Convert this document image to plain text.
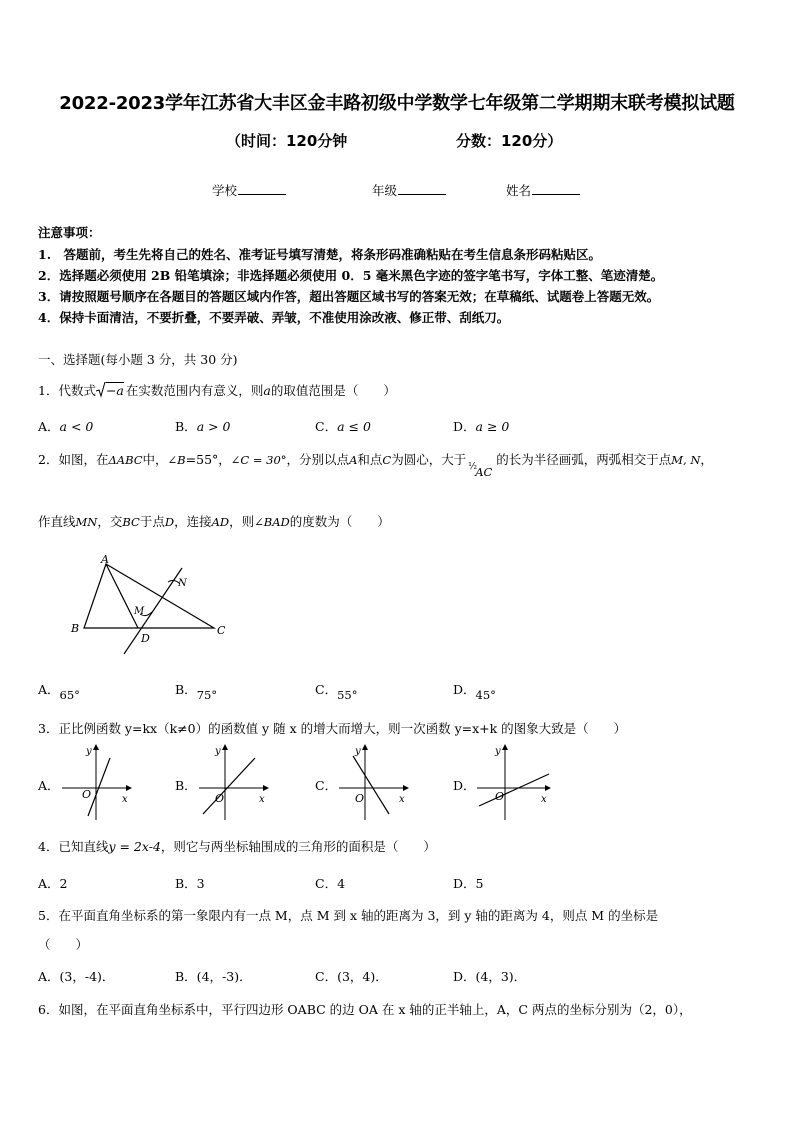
2022-2023学年江苏省大丰区金丰路初级中学数学七年级第二学期期末联考模拟试题
（时间：120分钟	分数：120分）
学校	年级	姓名
注意事项：
1.　答题前，考生先将自己的姓名、准考证号填写清楚，将条形码准确粘贴在考生信息条形码粘贴区。
2．选择题必须使用 2B 铅笔填涂；非选择题必须使用 0．5 毫米黑色字迹的签字笔书写，字体工整、笔迹清楚。
3．请按照题号顺序在各题目的答题区域内作答，超出答题区域书写的答案无效；在草稿纸、试题卷上答题无效。
4．保持卡面清洁，不要折叠，不要弄破、弄皱，不准使用涂改液、修正带、刮纸刀。
一、选择题(每小题 3 分，共 30 分)
1．代数式 −a 在实数范围内有意义，则a的取值范围是（　　）
A．a < 0	B．a > 0	C．a ≤ 0	D．a ≥ 0
2．如图，在ΔABC中，∠B=55°，∠C = 30°，分别以点A和点C为圆心，大于 ½
AC
的长为半径画弧，两弧相交于点M, N，
作直线MN，交BC于点D，连接AD，则∠BAD的度数为（　　）
A
B	C
D
M
N
A．65°	B．75°	C．55°	D．45°
3．正比例函数 y=kx（k≠0）的函数值 y 随 x 的增大而增大，则一次函数 y=x+k 的图象大致是（　　）
A．
O	x
y
B．
O	x
y
C．
O	x
y
D．
O	x
y
4．已知直线y = 2x-4，则它与两坐标轴围成的三角形的面积是（　　）
A．2	B．3	C．4	D．5
5．在平面直角坐标系的第一象限内有一点 M，点 M 到 x 轴的距离为 3，到 y 轴的距离为 4，则点 M 的坐标是
（　　）
A．(3，-4)．	B．(4，-3)．	C．(3，4)．	D．(4，3)．
6．如图，在平面直角坐标系中，平行四边形 OABC 的边 OA 在 x 轴的正半轴上，A，C 两点的坐标分别为（2，0），
